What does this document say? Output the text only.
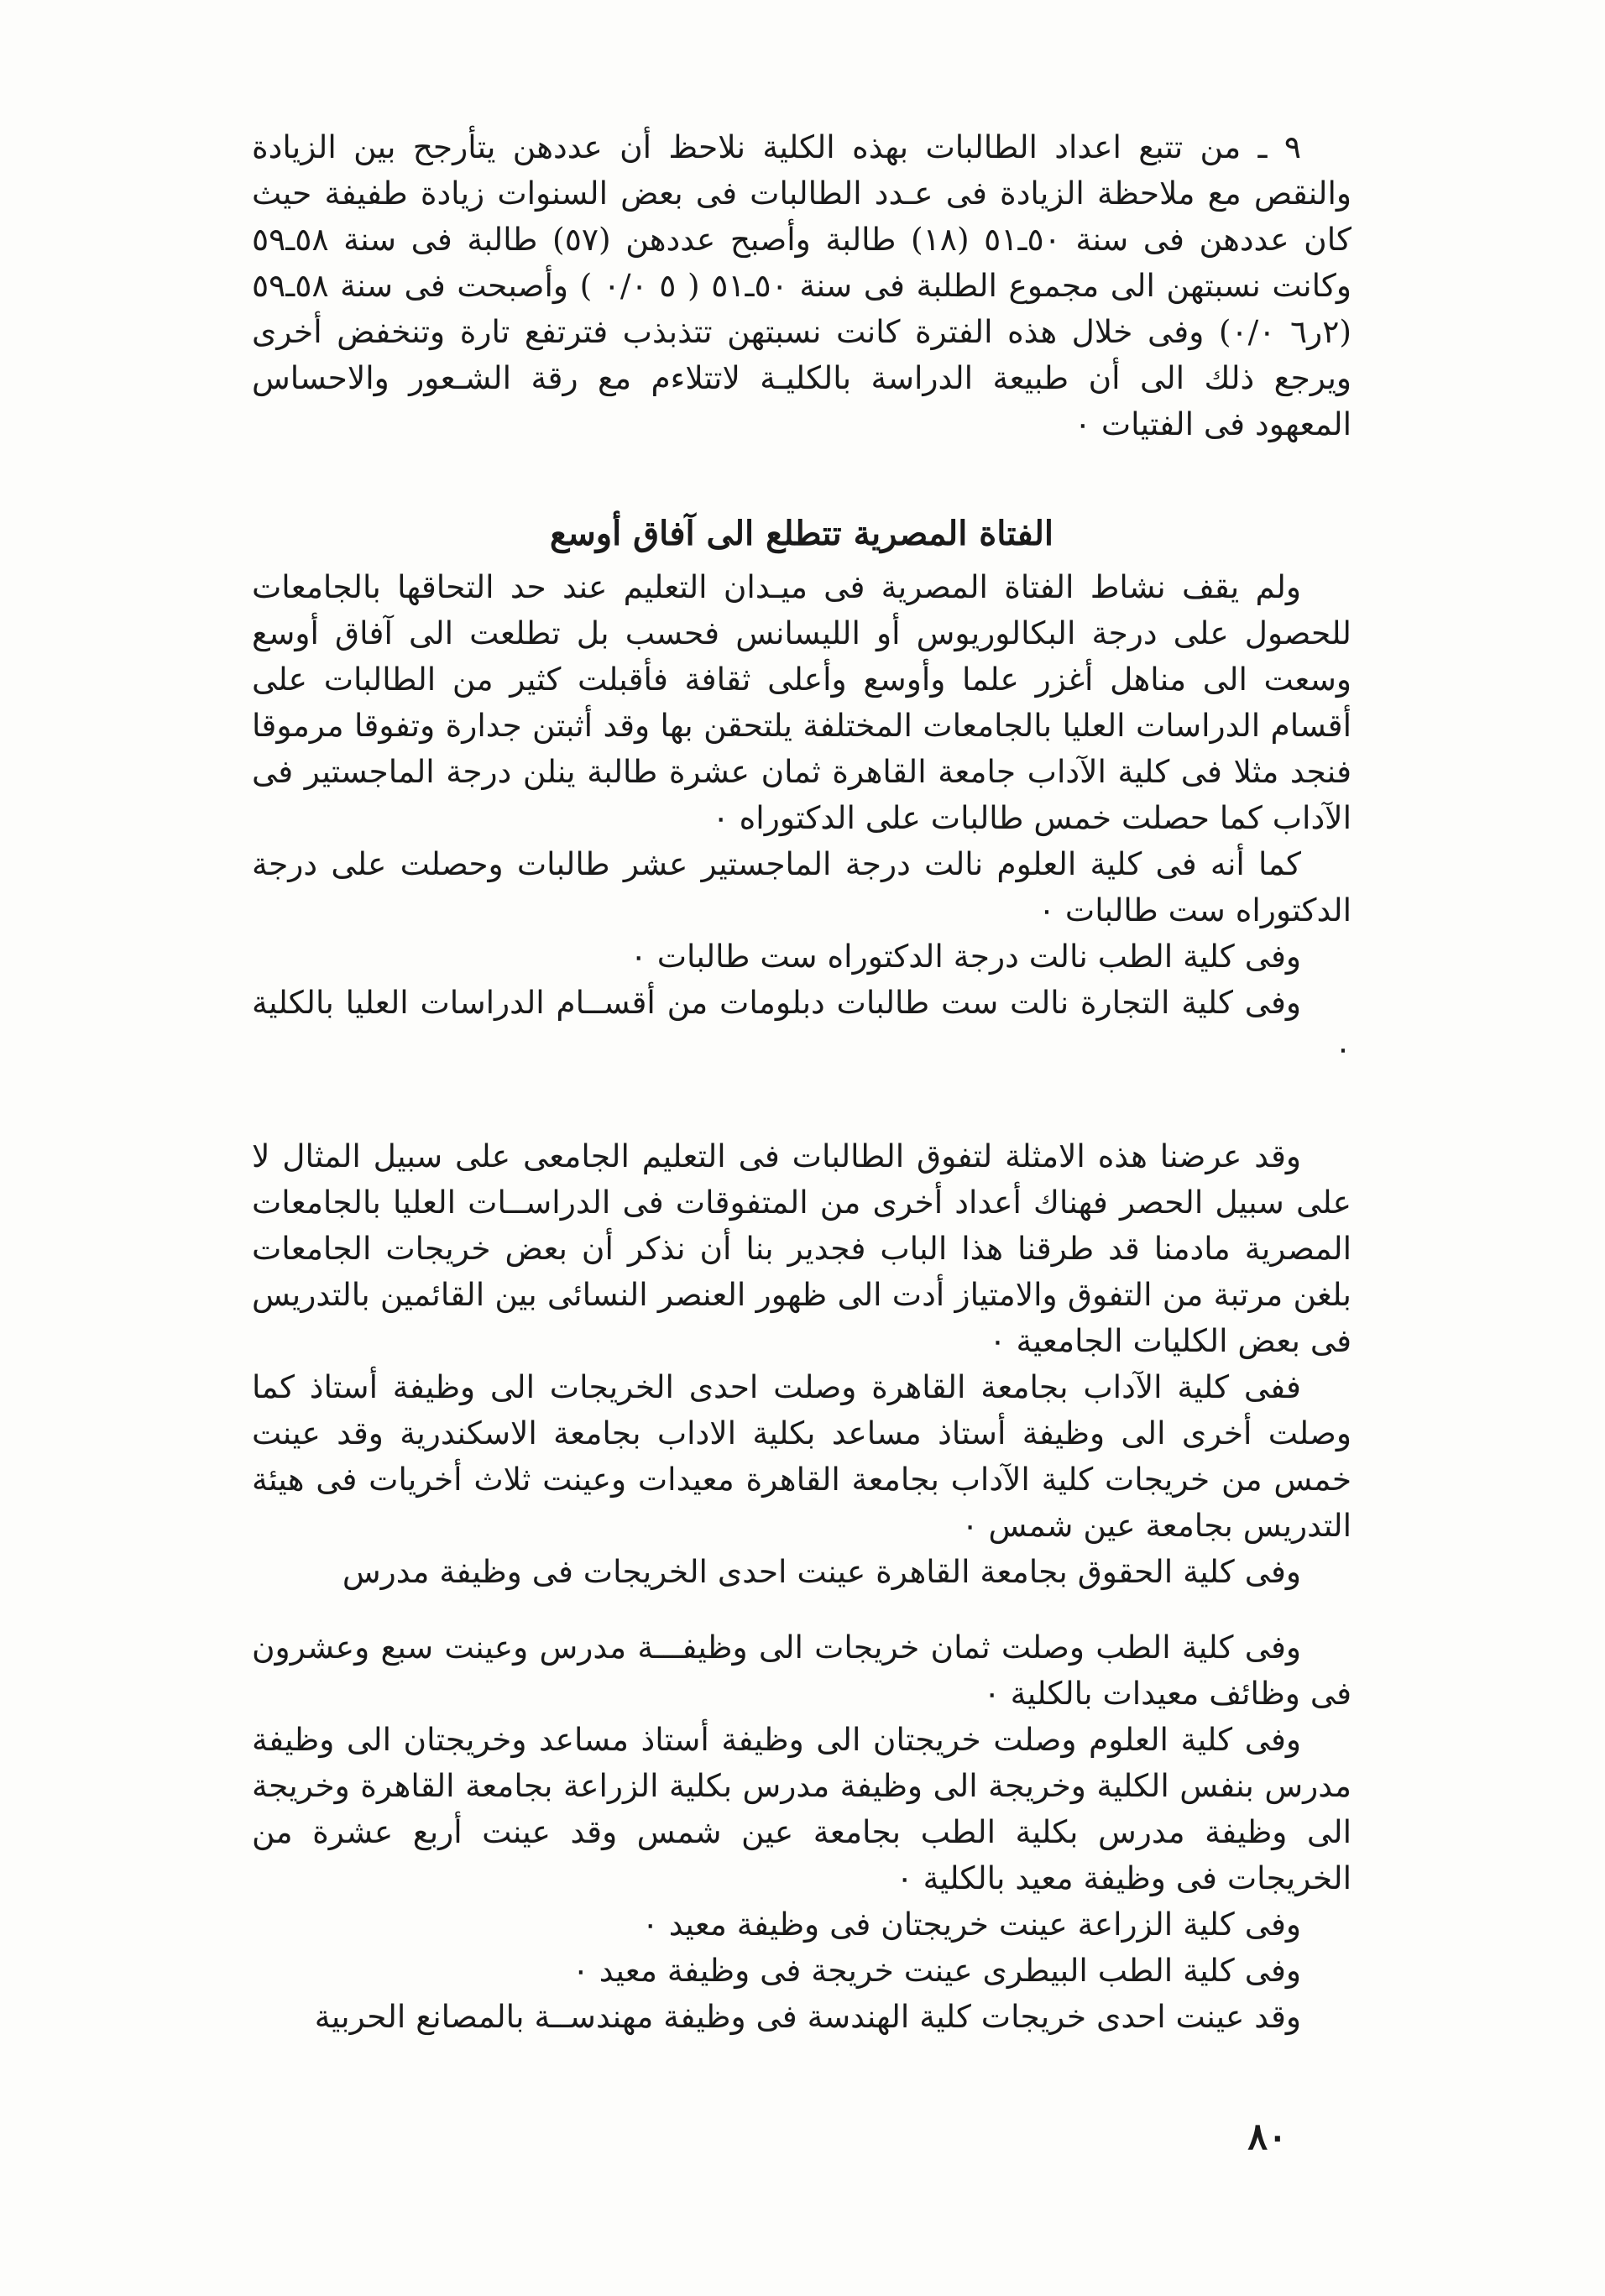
٩ ـ من تتبع اعداد الطالبات بهذه الكلية نلاحظ أن عددهن يتأرجح بين الزيادة والنقص مع ملاحظة الزيادة فى عـدد الطالبات فى بعض السنوات زيادة طفيفة حيث كان عددهن فى سنة ٥٠ـ٥١ (١٨) طالبة وأصبح عددهن (٥٧) طالبة فى سنة ٥٨ـ٥٩ وكانت نسبتهن الى مجموع الطلبة فى سنة ٥٠ـ٥١ ( ٥ ٠/٠ ) وأصبحت فى سنة ٥٨ـ٥٩ (٢ر٦ ٠/٠) وفى خلال هذه الفترة كانت نسبتهن تتذبذب فترتفع تارة وتنخفض أخرى ويرجع ذلك الى أن طبيعة الدراسة بالكليـة لاتتلاءم مع رقة الشـعور والاحساس المعهود فى الفتيات ٠

الفتاة المصرية تتطلع الى آفاق أوسع

ولم يقف نشاط الفتاة المصرية فى ميـدان التعليم عند حد التحاقها بالجامعات للحصول على درجة البكالوريوس أو الليسانس فحسب بل تطلعت الى آفاق أوسع وسعت الى مناهل أغزر علما وأوسع وأعلى ثقافة فأقبلت كثير من الطالبات على أقسام الدراسات العليا بالجامعات المختلفة يلتحقن بها وقد أثبتن جدارة وتفوقا مرموقا فنجد مثلا فى كلية الآداب جامعة القاهرة ثمان عشرة طالبة ينلن درجة الماجستير فى الآداب كما حصلت خمس طالبات على الدكتوراه ٠

كما أنه فى كلية العلوم نالت درجة الماجستير عشر طالبات وحصلت على درجة الدكتوراه ست طالبات ٠

وفى كلية الطب نالت درجة الدكتوراه ست طالبات ٠

وفى كلية التجارة نالت ست طالبات دبلومات من أقســام الدراسات العليا بالكلية ٠

وقد عرضنا هذه الامثلة لتفوق الطالبات فى التعليم الجامعى على سبيل المثال لا على سبيل الحصر فهناك أعداد أخرى من المتفوقات فى الدراســات العليا بالجامعات المصرية مادمنا قد طرقنا هذا الباب فجدير بنا أن نذكر أن بعض خريجات الجامعات بلغن مرتبة من التفوق والامتياز أدت الى ظهور العنصر النسائى بين القائمين بالتدريس فى بعض الكليات الجامعية ٠

ففى كلية الآداب بجامعة القاهرة وصلت احدى الخريجات الى وظيفة أستاذ كما وصلت أخرى الى وظيفة أستاذ مساعد بكلية الاداب بجامعة الاسكندرية وقد عينت خمس من خريجات كلية الآداب بجامعة القاهرة معيدات وعينت ثلاث أخريات فى هيئة التدريس بجامعة عين شمس ٠

وفى كلية الحقوق بجامعة القاهرة عينت احدى الخريجات فى وظيفة مدرس

وفى كلية الطب وصلت ثمان خريجات الى وظيفـــة مدرس وعينت سبع وعشرون فى وظائف معيدات بالكلية ٠

وفى كلية العلوم وصلت خريجتان الى وظيفة أستاذ مساعد وخريجتان الى وظيفة مدرس بنفس الكلية وخريجة الى وظيفة مدرس بكلية الزراعة بجامعة القاهرة وخريجة الى وظيفة مدرس بكلية الطب بجامعة عين شمس وقد عينت أربع عشرة من الخريجات فى وظيفة معيد بالكلية ٠

وفى كلية الزراعة عينت خريجتان فى وظيفة معيد ٠

وفى كلية الطب البيطرى عينت خريجة فى وظيفة معيد ٠

وقد عينت احدى خريجات كلية الهندسة فى وظيفة مهندســة بالمصانع الحربية

٨٠
